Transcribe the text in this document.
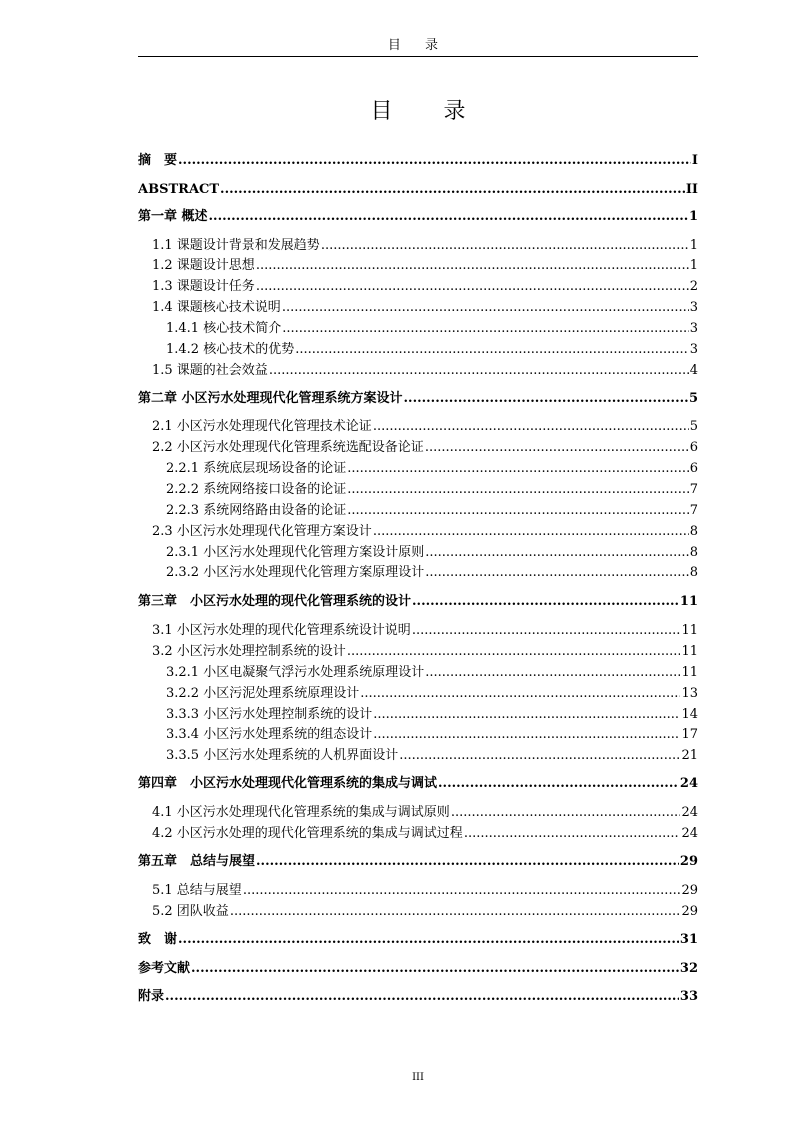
目 录
目 录
摘　要 .....	I
ABSTRACT .....	II
第一章 概述 .....	1
1.1 课题设计背景和发展趋势 .....	1
1.2 课题设计思想 .....	1
1.3 课题设计任务 .....	2
1.4 课题核心技术说明 .....	3
1.4.1 核心技术简介 .....	3
1.4.2 核心技术的优势 .....	3
1.5 课题的社会效益 .....	4
第二章 小区污水处理现代化管理系统方案设计 .....	5
2.1 小区污水处理现代化管理技术论证 .....	5
2.2 小区污水处理现代化管理系统选配设备论证 .....	6
2.2.1 系统底层现场设备的论证 .....	6
2.2.2 系统网络接口设备的论证 .....	7
2.2.3 系统网络路由设备的论证 .....	7
2.3 小区污水处理现代化管理方案设计 .....	8
2.3.1 小区污水处理现代化管理方案设计原则 .....	8
2.3.2 小区污水处理现代化管理方案原理设计 .....	8
第三章　小区污水处理的现代化管理系统的设计 .....	11
3.1 小区污水处理的现代化管理系统设计说明 .....	11
3.2 小区污水处理控制系统的设计 .....	11
3.2.1 小区电凝聚气浮污水处理系统原理设计 .....	11
3.2.2 小区污泥处理系统原理设计 .....	13
3.3.3 小区污水处理控制系统的设计 .....	14
3.3.4 小区污水处理系统的组态设计 .....	17
3.3.5 小区污水处理系统的人机界面设计 .....	21
第四章　小区污水处理现代化管理系统的集成与调试 .....	24
4.1 小区污水处理现代化管理系统的集成与调试原则 .....	24
4.2 小区污水处理的现代化管理系统的集成与调试过程 .....	24
第五章　总结与展望 .....	29
5.1 总结与展望 .....	29
5.2 团队收益 .....	29
致　谢 .....	31
参考文献 .....	32
附录 .....	33
III
